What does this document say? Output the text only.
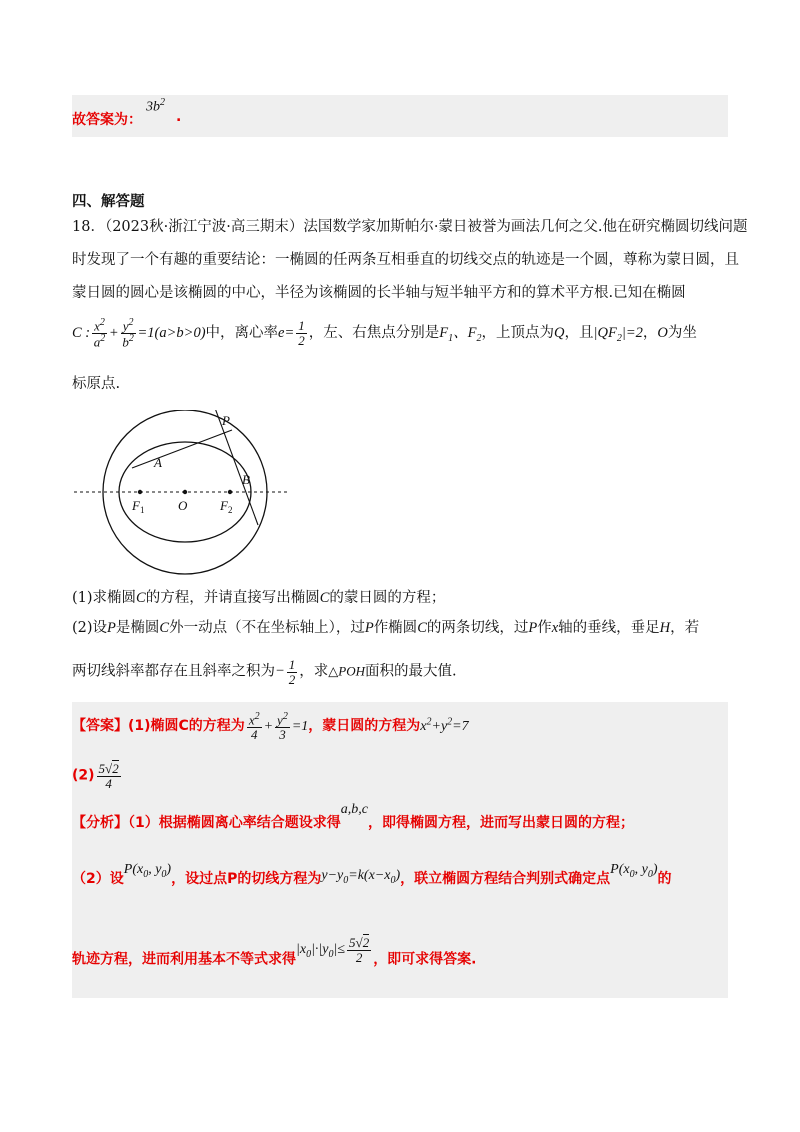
故答案为：
$3b^2$
.
四、解答题
18．（2023秋·浙江宁波·高三期末）法国数学家加斯帕尔·蒙日被誉为画法几何之父.他在研究椭圆切线问题
时发现了一个有趣的重要结论：一椭圆的任两条互相垂直的切线交点的轨迹是一个圆，尊称为蒙日圆，且
蒙日圆的圆心是该椭圆的中心，半径为该椭圆的长半轴与短半轴平方和的算术平方根.已知在椭圆
C : $\frac{x^2}{a^2} + \frac{y^2}{b^2} =1(a>b>0)$中，离心率$e= \frac{1}{2}$ ，左、右焦点分别是$F_1$、$F_2$，上顶点为Q，且$|QF_2|=2$，O为坐
标原点.
P
A
B
O
$F_1$	$F_2$
(1)求椭圆C的方程，并请直接写出椭圆C的蒙日圆的方程；
(2)设P是椭圆C外一动点（不在坐标轴上），过P作椭圆C的两条切线，过P作x轴的垂线，垂足H，若
两切线斜率都存在且斜率之积为− $\frac{1}{2}$ ，求△POH面积的最大值.
【答案】(1)椭圆C的方程为 $\frac{x^2}{4} + \frac{y^2}{3} =1$，蒙日圆的方程为$x^2+y^2=7$
$(2) \frac{5√2}{4}$
【分析】（1）根据椭圆离心率结合题设求得a,b,c，即得椭圆方程，进而写出蒙日圆的方程；
（2）设$P(x_0$, $y_0$)，设过点P的切线方程为$y-y_0=k(x-x_0)$，联立椭圆方程结合判别式确定点$P(x_0$, $y_0$)的
轨迹方程，进而利用基本不等式求得$|x_0|\cdot|y_0|\le \frac{5√2}{2}$ ，即可求得答案.
